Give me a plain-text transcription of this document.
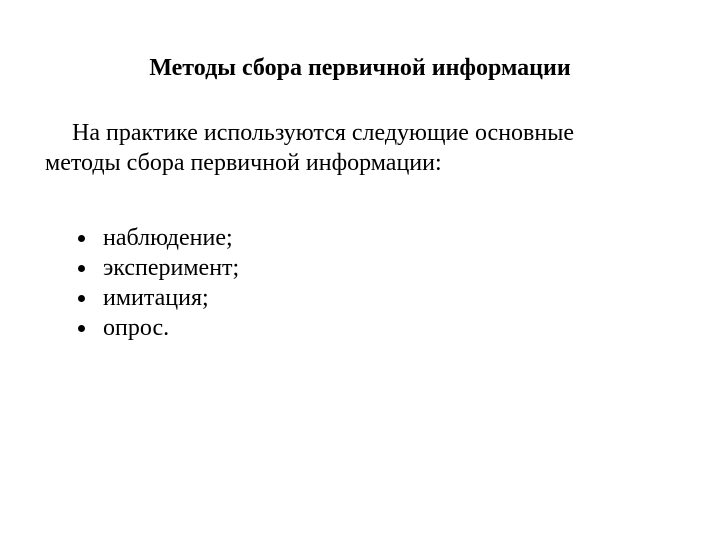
Методы сбора первичной информации
На практике используются следующие основные
методы сбора первичной информации:
наблюдение;
эксперимент;
имитация;
опрос.
